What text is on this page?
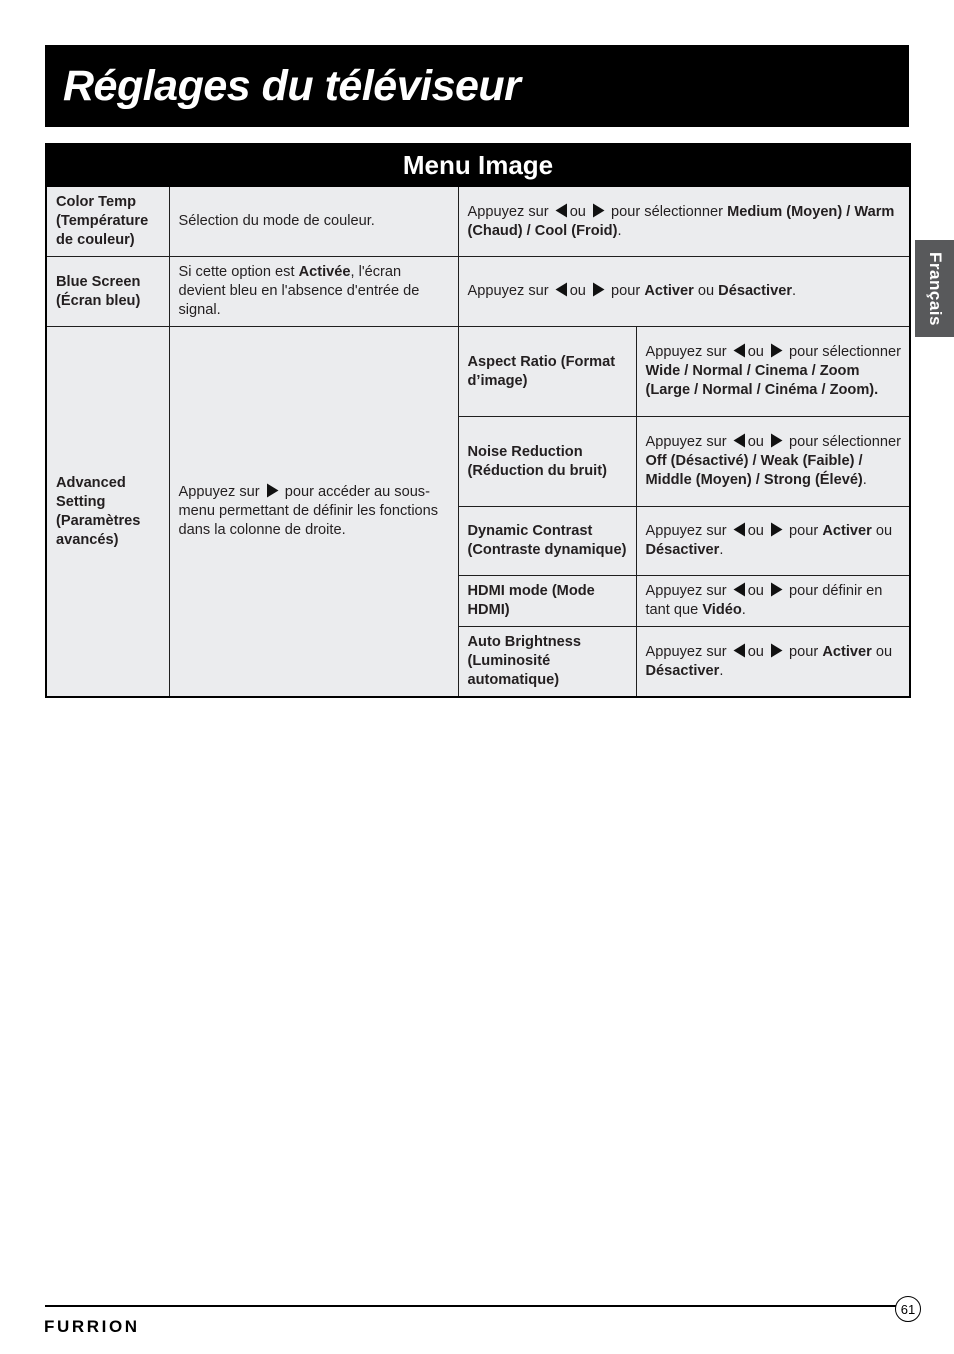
Réglages du téléviseur
Français
Menu Image			
Color Temp (Température de couleur)	Sélection du mode de couleur.	Appuyez sur ou pour sélectionner Medium (Moyen) / Warm (Chaud) / Cool (Froid).	
Blue Screen (Écran bleu)	Si cette option est Activée, l'écran devient bleu en l'absence d'entrée de signal.	Appuyez sur ou pour Activer ou Désactiver.	
Advanced Setting (Paramètres avancés)	Appuyez sur pour accéder au sous-menu permettant de définir les fonctions dans la colonne de droite.	Aspect Ratio (Format d’image)	Appuyez sur ou pour sélectionner Wide / Normal / Cinema / Zoom (Large / Normal / Cinéma / Zoom).
		Noise Reduction (Réduction du bruit)	Appuyez sur ou pour sélectionner Off (Désactivé) / Weak (Faible) / Middle (Moyen) / Strong (Élevé).
		Dynamic Contrast (Contraste dynamique)	Appuyez sur ou pour Activer ou Désactiver.
		HDMI mode (Mode HDMI)	Appuyez sur ou pour définir en tant que Vidéo.
		Auto Brightness (Luminosité automatique)	Appuyez sur ou pour Activer ou Désactiver.
61
FURRION
